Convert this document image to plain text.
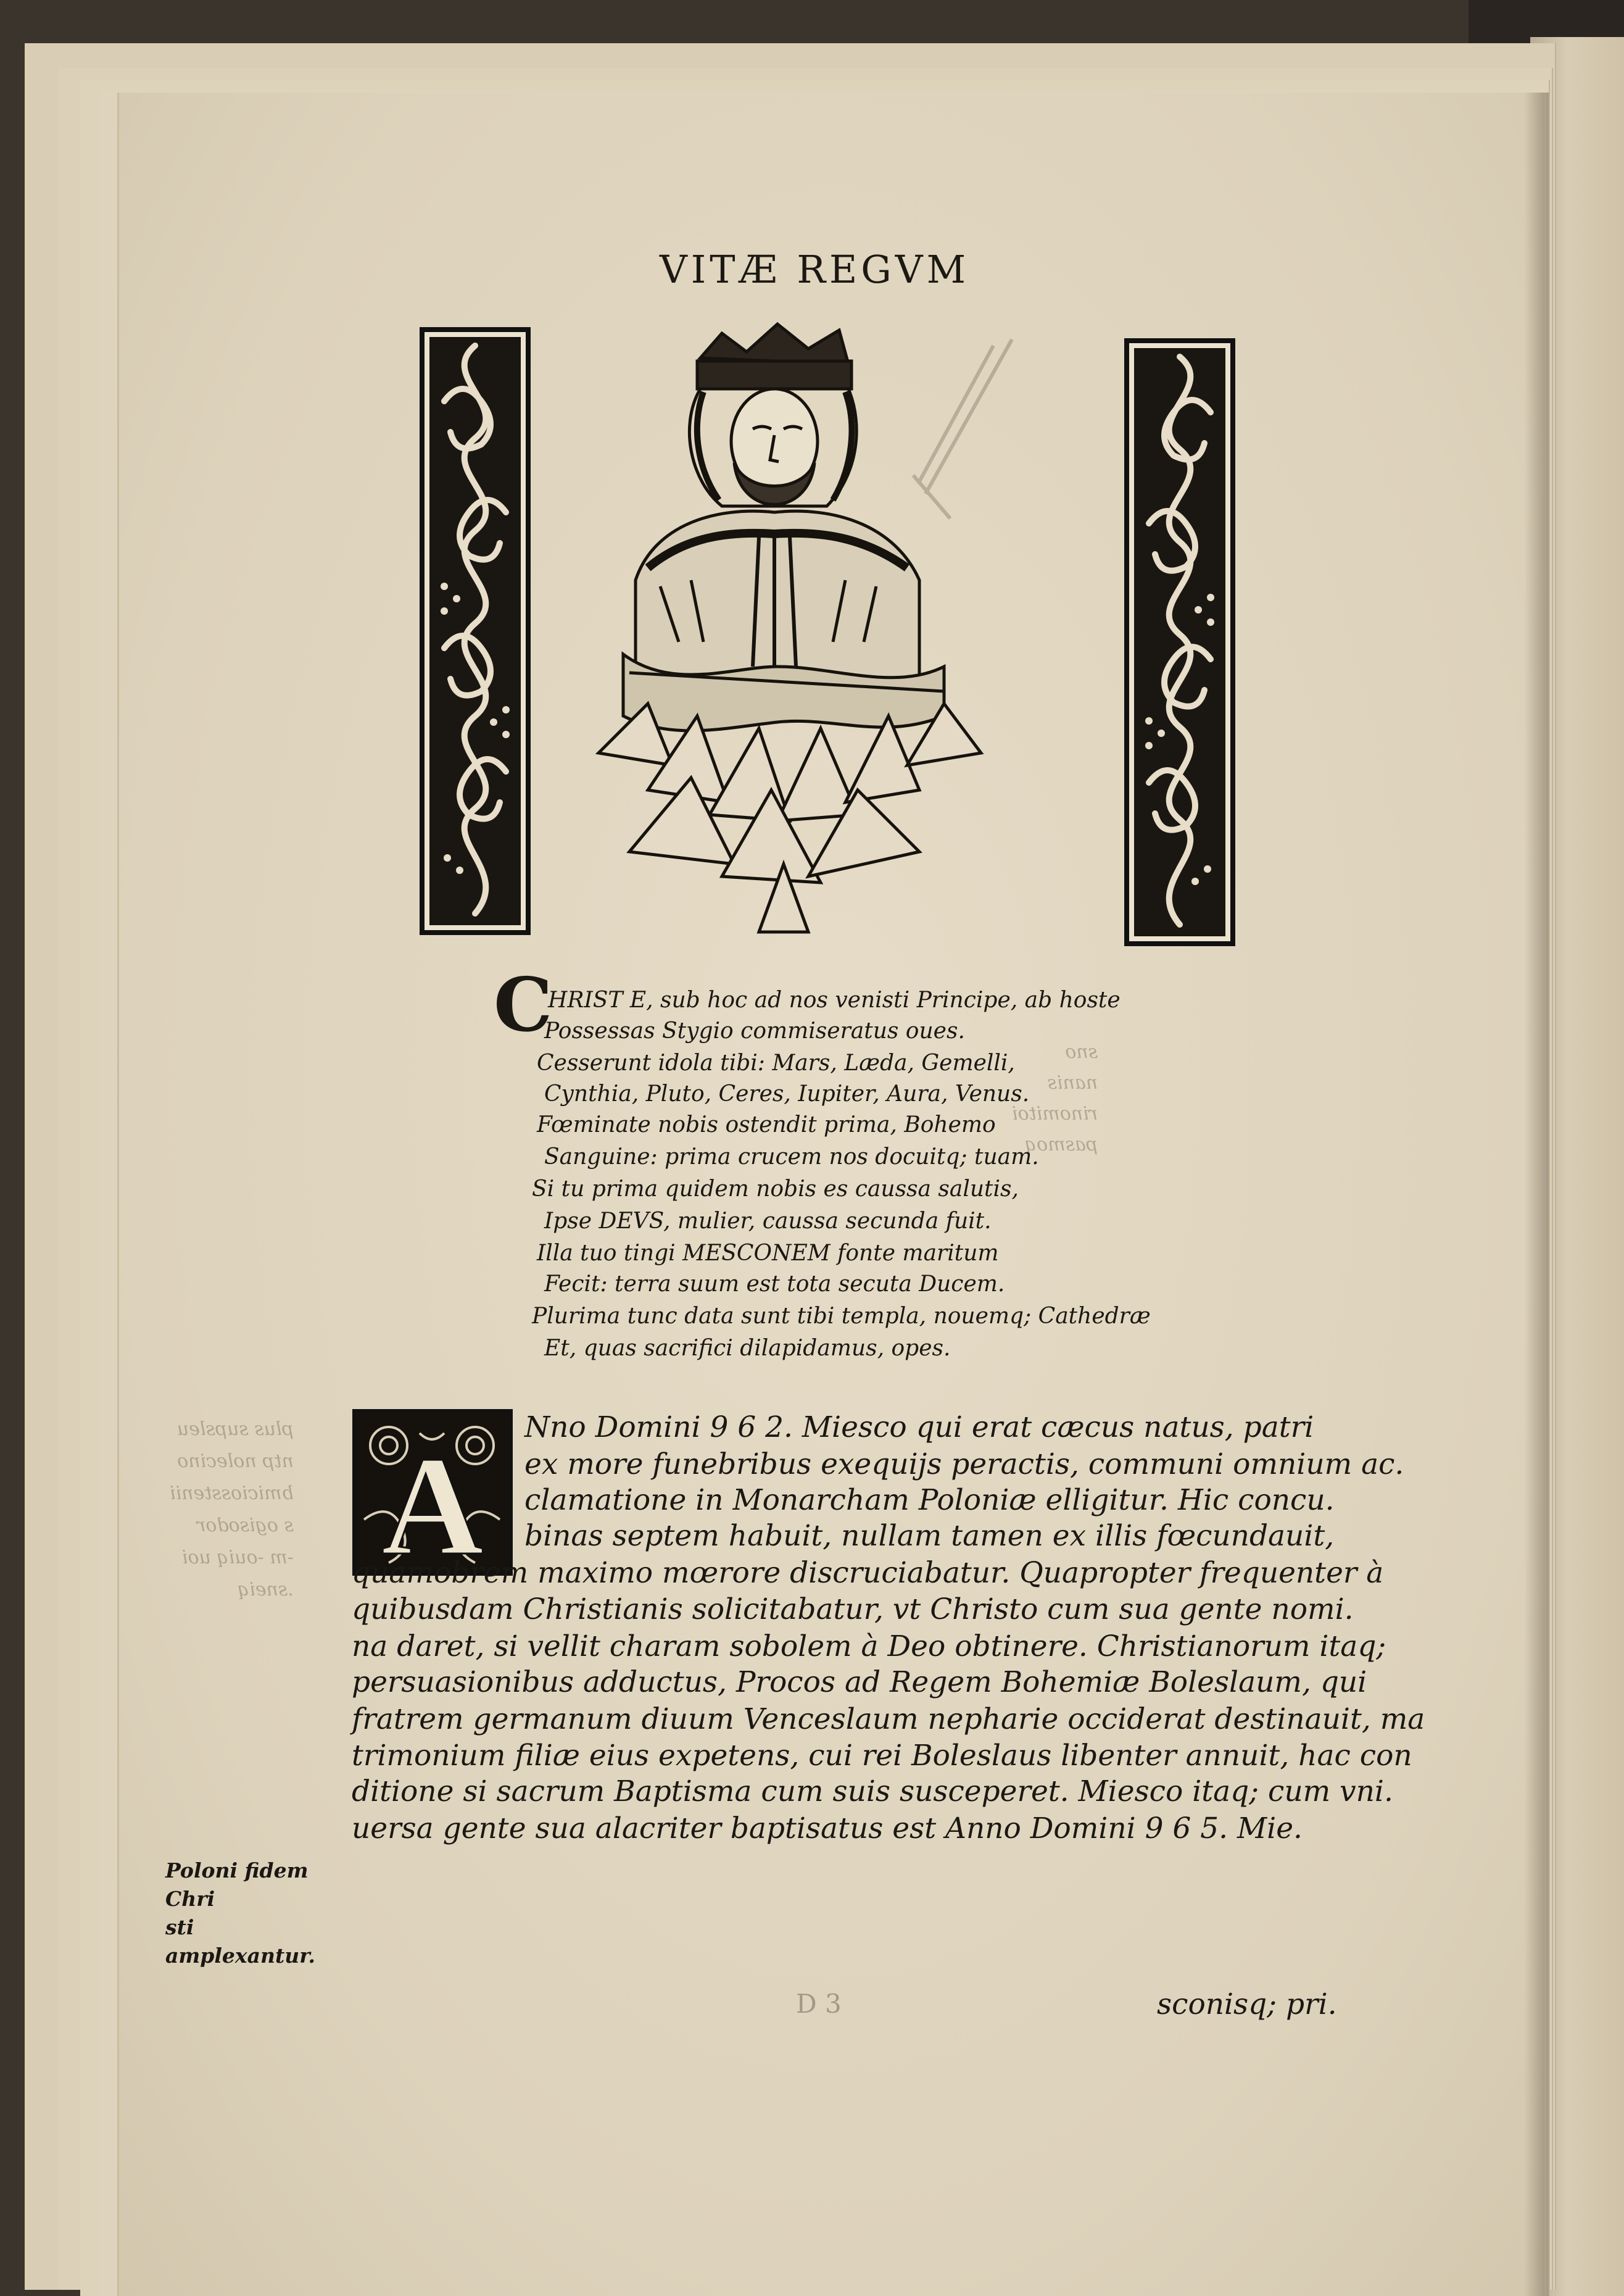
plus supsleu
ntp nolecino
bmiciosstenii
s ogisodor
-m -ouiq uoi
.sneiq
sno
nanis
rinomitoi
pasmoq
VITÆ REGVM
C
HRIST E, sub hoc ad nos venisti Principe, ab hoste
Possessas Stygio commiseratus oues.
Cesserunt idola tibi: Mars, Læda, Gemelli,
Cynthia, Pluto, Ceres, Iupiter, Aura, Venus.
Fœminate nobis ostendit prima, Bohemo
Sanguine: prima crucem nos docuitq; tuam.
Si tu prima quidem nobis es caussa salutis,
Ipse DEVS, mulier, caussa secunda fuit.
Illa tuo tingi MESCONEM fonte maritum
Fecit: terra suum est tota secuta Ducem.
Plurima tunc data sunt tibi templa, nouemq; Cathedræ
Et, quas sacrifici dilapidamus, opes.
A Nno Domini 9 6 2. Miesco qui erat cæcus natus, patri
ex more funebribus exequijs peractis, communi omnium ac.
clamatione in Monarcham Poloniæ elligitur. Hic concu.
binas septem habuit, nullam tamen ex illis fœcundauit,
quamobrem maximo mœrore discruciabatur. Quapropter frequenter à
quibusdam Christianis solicitabatur, vt Christo cum sua gente nomi.
na daret, si vellit charam sobolem à Deo obtinere. Christianorum itaq;
persuasionibus adductus, Procos ad Regem Bohemiæ Boleslaum, qui
fratrem germanum diuum Venceslaum nepharie occiderat destinauit, ma
trimonium filiæ eius expetens, cui rei Boleslaus libenter annuit, hac con
ditione si sacrum Baptisma cum suis susceperet. Miesco itaq; cum vni.
uersa gente sua alacriter baptisatus est Anno Domini 9 6 5. Mie.
Poloni fidem Chri
sti amplexantur.
D 3	sconisq; pri.
